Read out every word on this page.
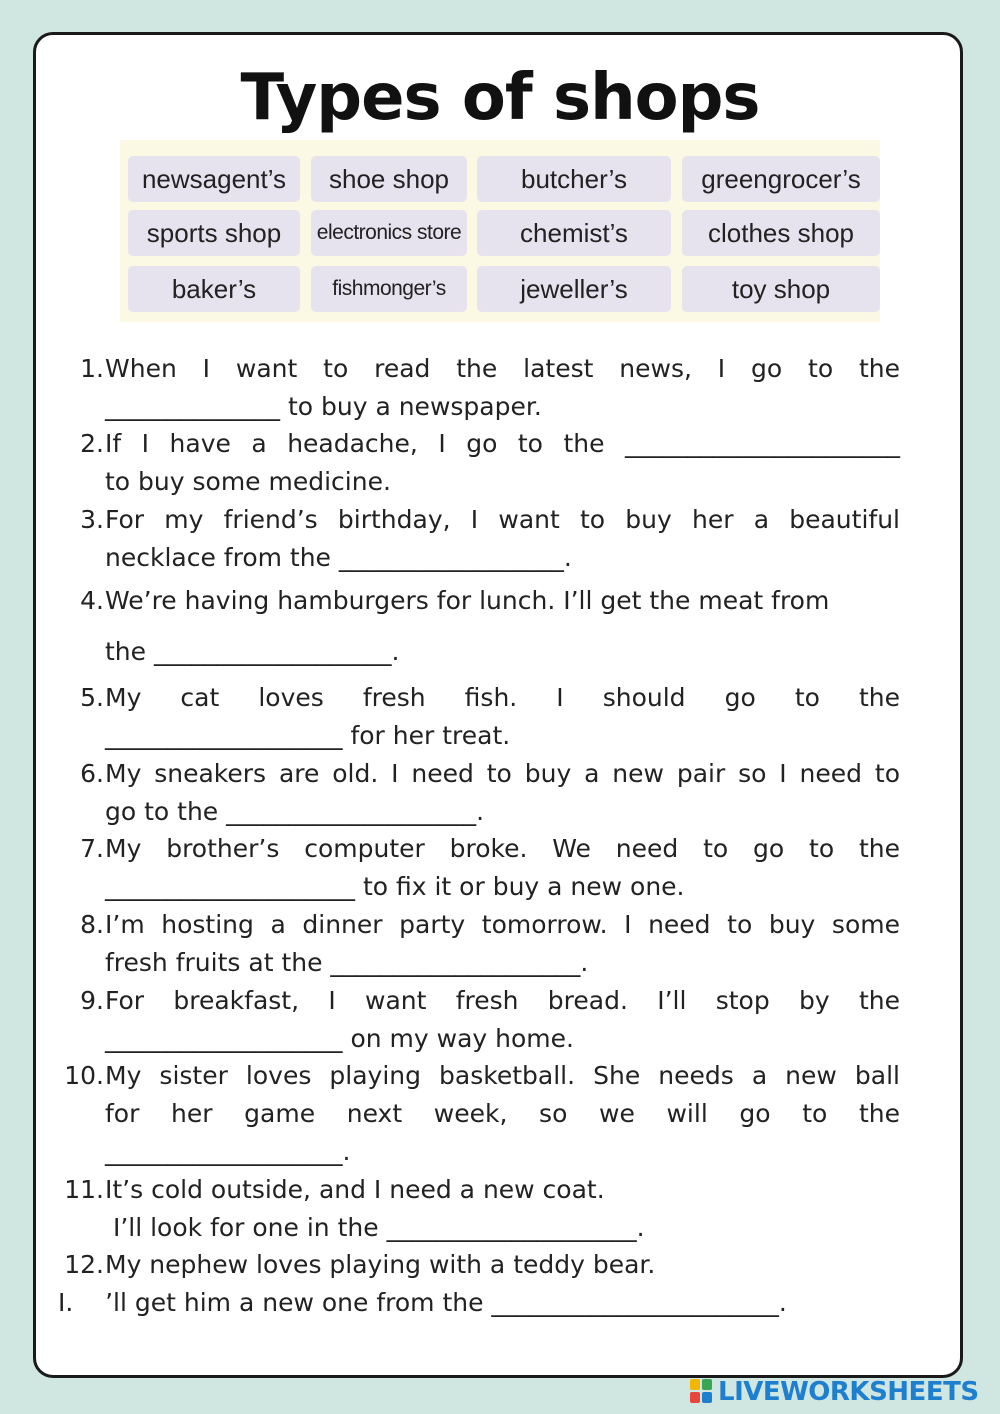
Types of shops
newsagent’s	shoe shop	butcher’s	greengrocer’s
sports shop	electronics store	chemist’s	clothes shop
baker’s	fishmonger’s	jeweller’s	toy shop
1. When I want to read the latest news, I go to the
______________ to buy a newspaper.
2. If I have a headache, I go to the ______________________
to buy some medicine.
3. For my friend’s birthday, I want to buy her a beautiful
necklace from the __________________.
4. We’re having hamburgers for lunch. I’ll get the meat from
the ___________________.
5. My cat loves fresh fish. I should go to the
___________________ for her treat.
6. My sneakers are old. I need to buy a new pair so I need to
go to the ____________________.
7. My brother’s computer broke. We need to go to the
____________________ to fix it or buy a new one.
8. I’m hosting a dinner party tomorrow. I need to buy some
fresh fruits at the ____________________.
9. For breakfast, I want fresh bread. I’ll stop by the
___________________ on my way home.
10. My sister loves playing basketball. She needs a new ball
for her game next week, so we will go to the
___________________.
11. It’s cold outside, and I need a new coat.
I’ll look for one in the ____________________.
12. My nephew loves playing with a teddy bear.
I.    ’ll get him a new one from the _______________________.
LIVEWORKSHEETS
